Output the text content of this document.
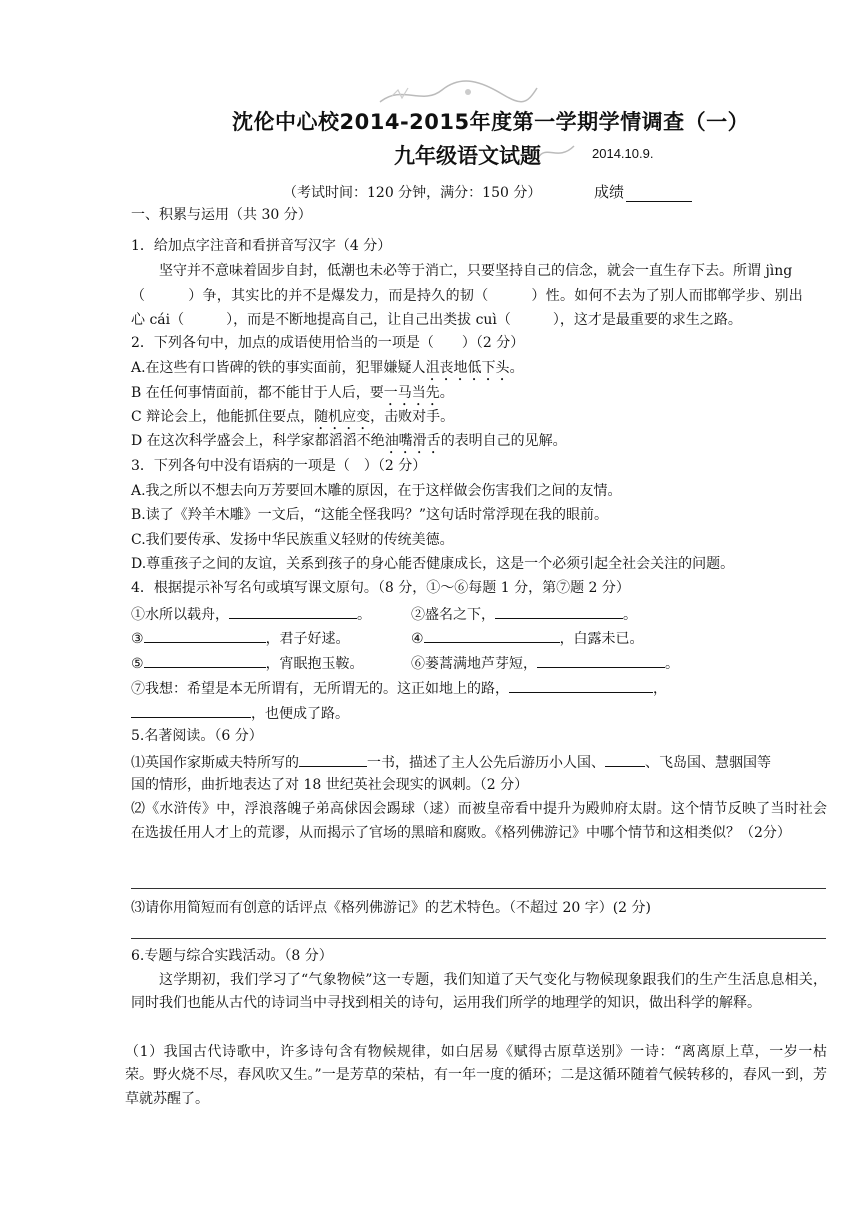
沈伦中心校2014-2015年度第一学期学情调查（一）
九年级语文试题	2014.10.9.
（考试时间：120 分钟，满分：150 分）	成绩
一、积累与运用（共 30 分）
1．给加点字注音和看拼音写汉字（4 分）
坚守并不意味着固步自封，低潮也未必等于消亡，只要坚持自己的信念，就会一直生存下去。所谓 jìng
（　　　）争，其实比的并不是爆发力，而是持久的韧（　　　）性。如何不去为了别人而邯郸学步、别出
心 cái（　　　），而是不断地提高自己，让自己出类拔 cuì（　　　），这才是最重要的求生之路。
2．下列各句中，加点的成语使用恰当的一项是（　　）（2 分）
A.在这些有口皆碑的铁的事实面前，犯罪嫌疑人沮丧地低下头。
B 在任何事情面前，都不能甘于人后，要一马当先。
C 辩论会上，他能抓住要点，随机应变，击败对手。
D 在这次科学盛会上，科学家都滔滔不绝油嘴滑舌的表明自己的见解。
3．下列各句中没有语病的一项是（　）（2 分）
A.我之所以不想去向万芳要回木雕的原因，在于这样做会伤害我们之间的友情。
B.读了《羚羊木雕》一文后，“这能全怪我吗？”这句话时常浮现在我的眼前。
C.我们要传承、发扬中华民族重义轻财的传统美德。
D.尊重孩子之间的友谊，关系到孩子的身心能否健康成长，这是一个必须引起全社会关注的问题。
4．根据提示补写名句或填写课文原句。（8 分，①～⑥每题 1 分，第⑦题 2 分）
①水所以载舟，	。	②盛名之下，	。
③	，君子好逑。	④	，白露未已。
⑤	，宵眠抱玉鞍。	⑥蒌蒿满地芦芽短，	。
⑦我想：希望是本无所谓有，无所谓无的。这正如地上的路，	，
，也便成了路。
5.名著阅读。（6 分）
⑴英国作家斯威夫特所写的	一书，描述了主人公先后游历小人国、	、飞岛国、慧骃国等
国的情形，曲折地表达了对 18 世纪英社会现实的讽刺。（2 分）
⑵《水浒传》中，浮浪落魄子弟高俅因会踢球（逑）而被皇帝看中提升为殿帅府太尉。这个情节反映了当时社会在选拔任用人才上的荒谬，从而揭示了官场的黑暗和腐败。《格列佛游记》中哪个情节和这相类似？（2分）
⑶请你用简短而有创意的话评点《格列佛游记》的艺术特色。（不超过 20 字）(2 分)
6.专题与综合实践活动。（8 分）
这学期初，我们学习了“气象物候”这一专题，我们知道了天气变化与物候现象跟我们的生产生活息息相关，同时我们也能从古代的诗词当中寻找到相关的诗句，运用我们所学的地理学的知识，做出科学的解释。
（1）我国古代诗歌中，许多诗句含有物候规律，如白居易《赋得古原草送别》一诗：“离离原上草，一岁一枯荣。野火烧不尽，春风吹又生。”一是芳草的荣枯，有一年一度的循环；二是这循环随着气候转移的，春风一到，芳草就苏醒了。
